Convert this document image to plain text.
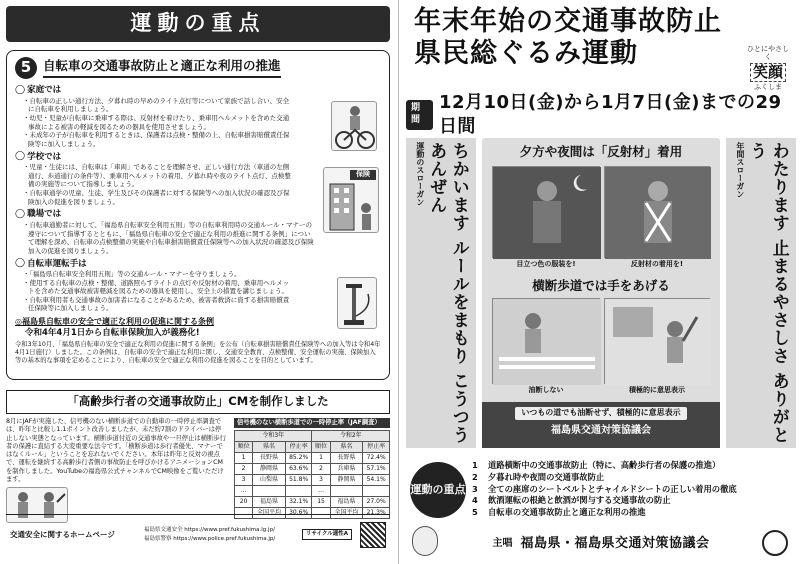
運動の重点
5 自転車の交通事故防止と適正な利用の推進
◯ 家庭では
・ 自転車の正しい通行方法、夕暮れ時の早めのライト点灯等について家族で話し合い、安全に自転車を利用しましょう。
・ 幼児・児童が自転車に乗車する際は、反射材を着けたり、乗車用ヘルメットを含めた交通事故による被害の軽減を図るための器具を使用させましょう。
・ 未成年の子が自転車を利用するときは、保護者は点検・整備の上、自転車損害賠償責任保険等に加入しましょう。
◯ 学校では
・ 児童・生徒には、自転車は「車両」であることを理解させ、正しい通行方法（車道の左側通行、歩道通行の条件等）、乗車用ヘルメットの着用、夕暮れ時や夜のライト点灯、点検整備の実施等について指導しましょう。
・ 自転車通学の児童、生徒、学生及びその保護者に対する保険等への加入状況の確認及び保険加入の促進を図りましょう。
◯ 職場では
・ 自転車通勤者に対して、「福島県自転車安全利用五則」等の自転車利用時の交通ルール・マナーの遵守について指導するとともに、「福島県自転車の安全で適正な利用の推進に関する条例」について理解を深め、自転車の点検整備の実施や自転車損害賠償責任保険等への加入状況の確認及び保険加入の促進を図りましょう。
◯ 自転車運転手は
・ 「福島県自転車安全利用五則」等の交通ルール・マナーを守りましょう。
・ 使用する自転車の点検・整備、道路照らすライトの点灯や反射材の着用、乗車用ヘルメットを含めた交通事故被害軽減を図るための器具を使用し、安全上の措置を講じましょう。
・ 自転車利用者も交通事故の加害者になることがあるため、被害者救済に資する損害賠償責任保険等に加入しましょう。
◎福島県自転車の安全で適正な利用の促進に関する条例
令和4年4月1日から自転車保険加入が義務化!

令和3年10月、「福島県自転車の安全で適正な利用の促進に関する条例」を公布（自転車損害賠償責任保険等への加入等は令和4年4月1日施行）しました。この条例は、自転車の安全で適正な利用に関し、交通安全教育、点検整備、安全運転の実施、保険加入等の基本的な事項を定めることにより、自転車の安全で適正な利用の促進を図ることを目的としています。

保険
「高齢歩行者の交通事故防止」CMを制作しました

8月にJAFが実施した、信号機のない横断歩道での自動車の一時停止率調査では、昨年と比較し1.1ポイント改善しましたが、未だ約7割のドライバーは停止しない実態となっています。横断歩道付近の交通事故や一旦停止は横断歩行者の保護に直結する大変重要な法令です。「横断歩道は歩行者優先、マナーではなくルール」ということを忘れないでください。本年は昨年と反対の視点で、運転を継続する高齢歩行者側の事故防止を呼びかけるアニメーションCMを制作しました。YouTubeの福島県公式チャンネルでCM映像をご覧いただけます。

信号機のない横断歩道での一時停止率（JAF調査）
令和3年			令和2年		
順位	県名	停止率	順位	県名	停止率
1	長野県	85.2%	1	長野県	72.4%
2	静岡県	63.6%	2	兵庫県	57.1%
3	山梨県	51.8%	3	静岡県	54.1%
…			…		
20	福島県	32.1%	15	福島県	27.0%
	全国平均	30.6%		全国平均	21.3%
交通安全に関するホームページ	福島県交通安全 https://www.pref.fukushima.lg.jp/
福島県警察 https://www.police.pref.fukushima.jp/
リサイクル適性A
年末年始の交通事故防止
県民総ぐるみ運動	ひとにやさしく
笑顔
ふくしま
期間
12月10日(金)から1月7日(金)までの29日間
運動のスローガン	ちかいます ルールをまもり こうつうあんぜん	夕方や夜間は「反射材」着用
目立つ色の服装を!	反射材の着用を!
横断歩道では手をあげる
油断しない	積極的に意思表示
いつもの道でも油断せず、積極的に意思表示
福島県交通対策協議会
年間スローガン	わたります 止まるやさしさ ありがとう
運動の重点
1 道路横断中の交通事故防止（特に、高齢歩行者の保護の推進）
2 夕暮れ時や夜間の交通事故防止
3 全ての座席のシートベルトとチャイルドシートの正しい着用の徹底
4 飲酒運転の根絶と飲酒が関与する交通事故の防止
5 自転車の交通事故防止と適正な利用の推進
主唱 福島県・福島県交通対策協議会
